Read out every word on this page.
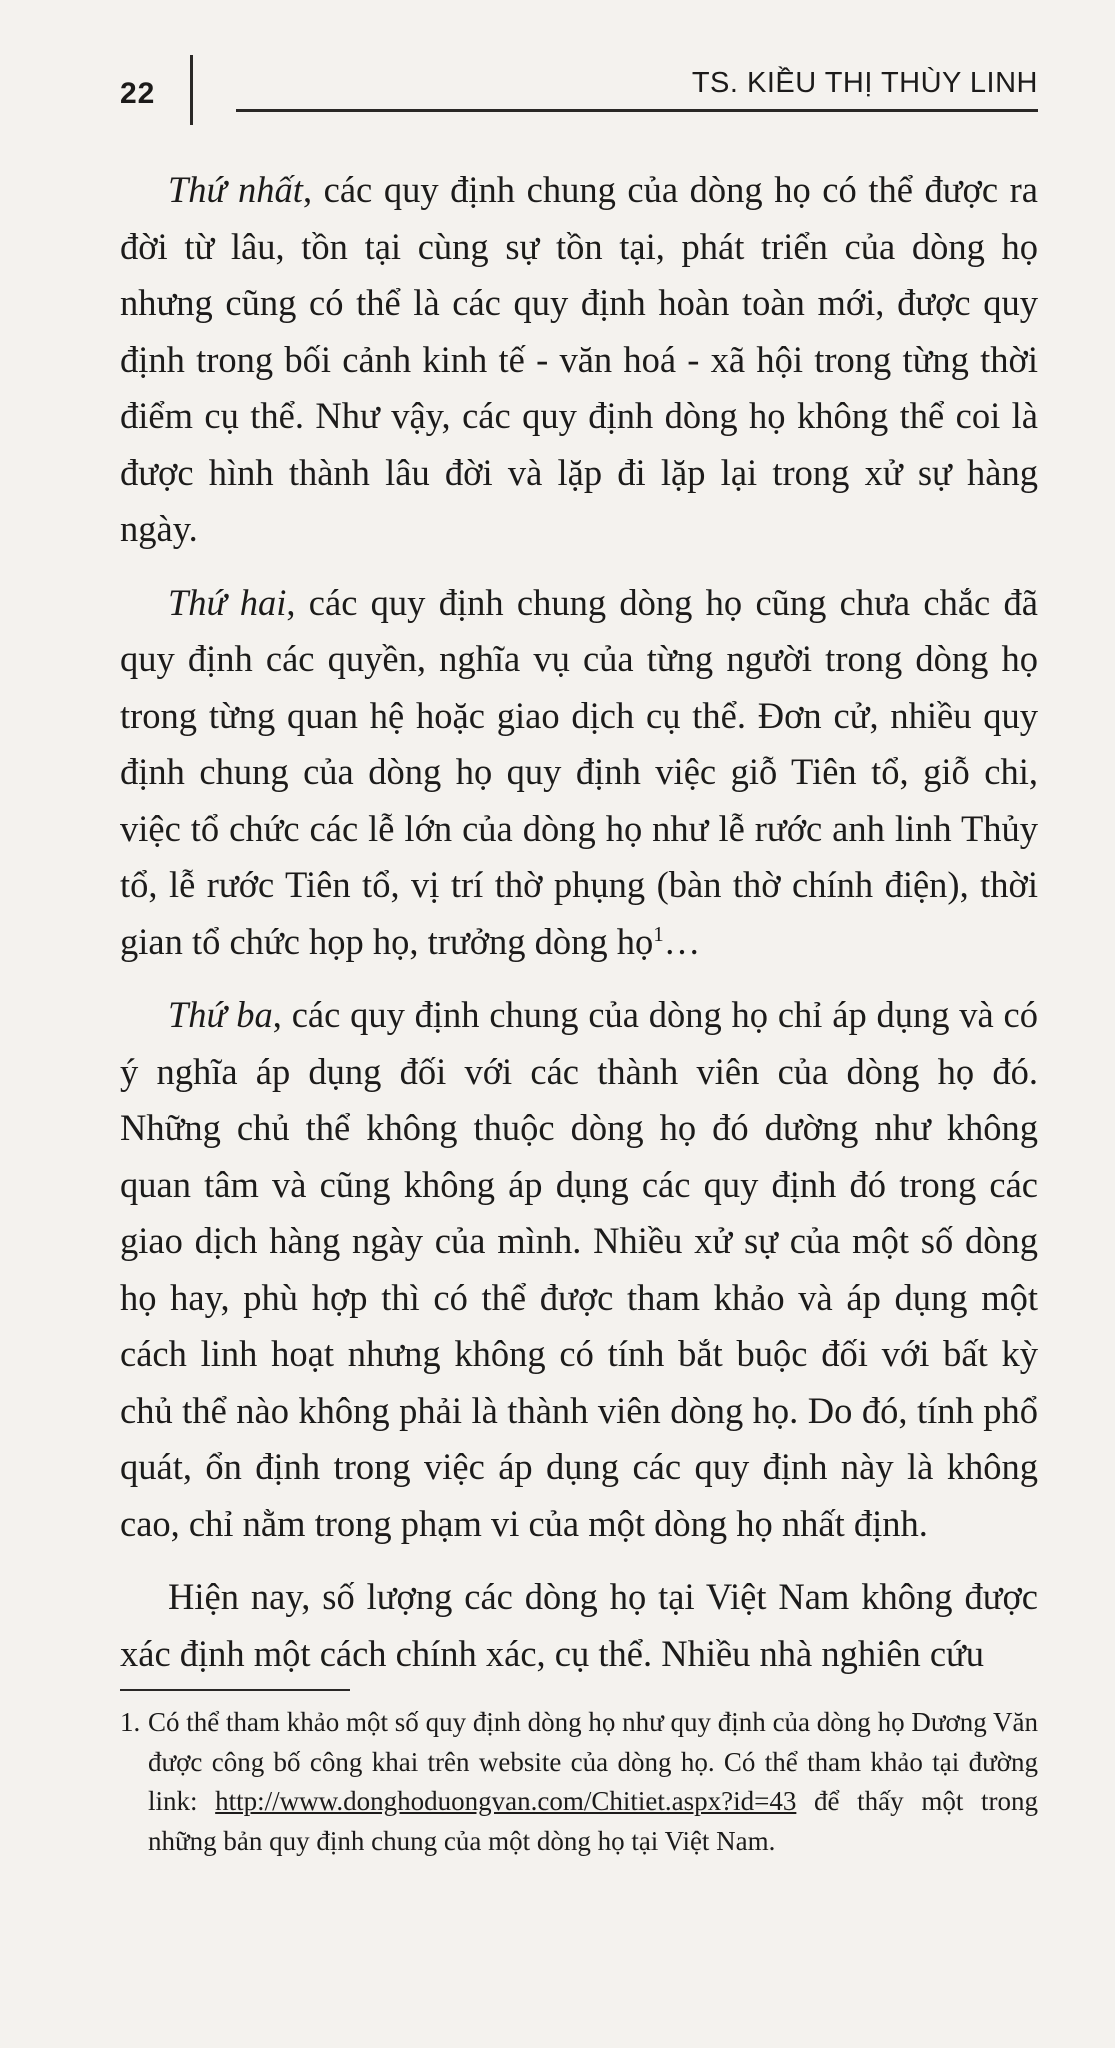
22	TS. KIỀU THỊ THÙY LINH

Thứ nhất, các quy định chung của dòng họ có thể được ra đời từ lâu, tồn tại cùng sự tồn tại, phát triển của dòng họ nhưng cũng có thể là các quy định hoàn toàn mới, được quy định trong bối cảnh kinh tế - văn hoá - xã hội trong từng thời điểm cụ thể. Như vậy, các quy định dòng họ không thể coi là được hình thành lâu đời và lặp đi lặp lại trong xử sự hàng ngày.

Thứ hai, các quy định chung dòng họ cũng chưa chắc đã quy định các quyền, nghĩa vụ của từng người trong dòng họ trong từng quan hệ hoặc giao dịch cụ thể. Đơn cử, nhiều quy định chung của dòng họ quy định việc giỗ Tiên tổ, giỗ chi, việc tổ chức các lễ lớn của dòng họ như lễ rước anh linh Thủy tổ, lễ rước Tiên tổ, vị trí thờ phụng (bàn thờ chính điện), thời gian tổ chức họp họ, trưởng dòng họ$^1$…

Thứ ba, các quy định chung của dòng họ chỉ áp dụng và có ý nghĩa áp dụng đối với các thành viên của dòng họ đó. Những chủ thể không thuộc dòng họ đó dường như không quan tâm và cũng không áp dụng các quy định đó trong các giao dịch hàng ngày của mình. Nhiều xử sự của một số dòng họ hay, phù hợp thì có thể được tham khảo và áp dụng một cách linh hoạt nhưng không có tính bắt buộc đối với bất kỳ chủ thể nào không phải là thành viên dòng họ. Do đó, tính phổ quát, ổn định trong việc áp dụng các quy định này là không cao, chỉ nằm trong phạm vi của một dòng họ nhất định.

Hiện nay, số lượng các dòng họ tại Việt Nam không được xác định một cách chính xác, cụ thể. Nhiều nhà nghiên cứu

1. Có thể tham khảo một số quy định dòng họ như quy định của dòng họ Dương Văn được công bố công khai trên website của dòng họ. Có thể tham khảo tại đường link: http://www.donghoduongvan.com/Chitiet.aspx?id=43 để thấy một trong những bản quy định chung của một dòng họ tại Việt Nam.
